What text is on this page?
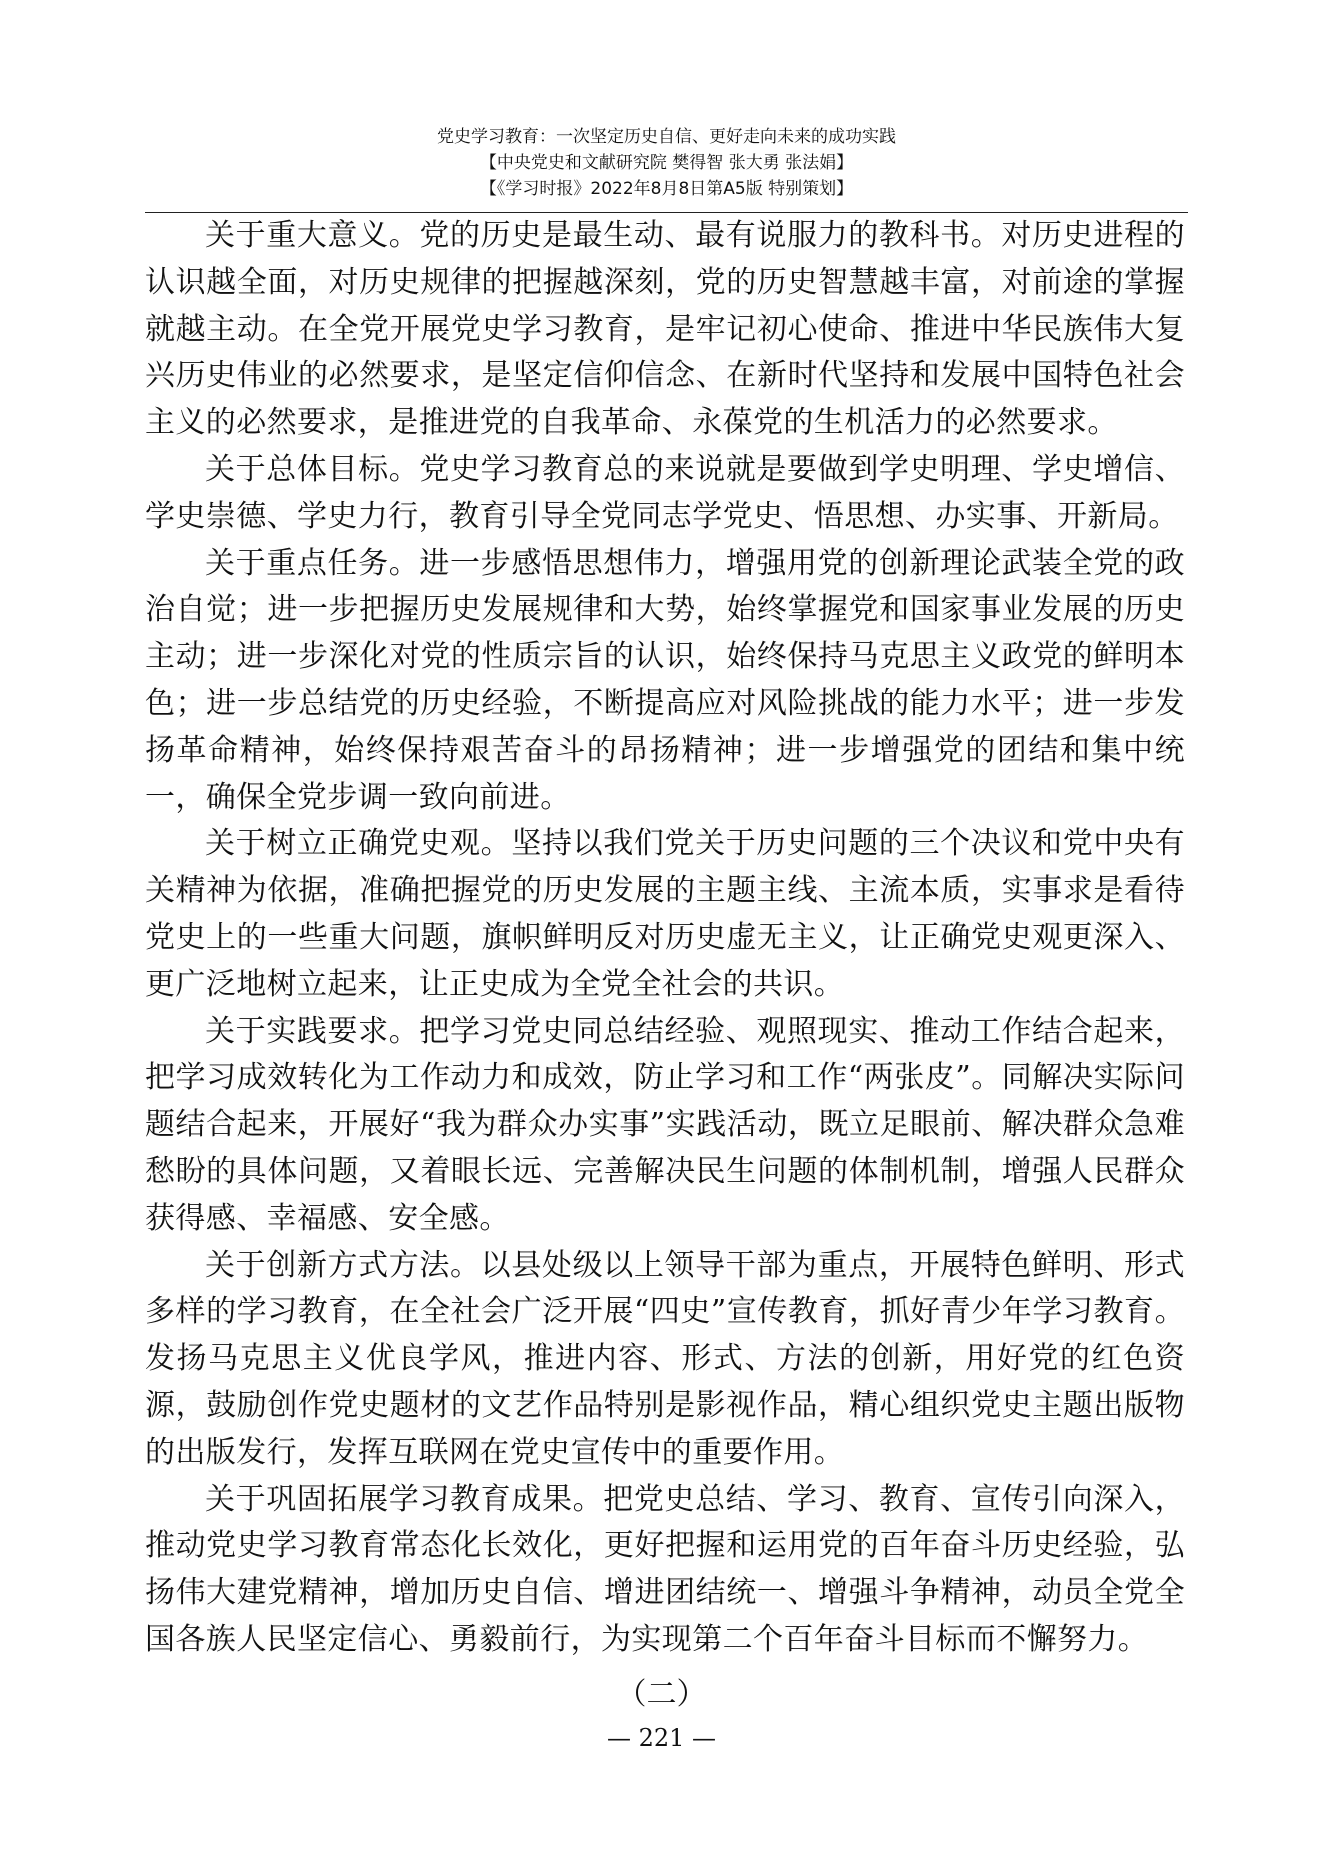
党史学习教育：一次坚定历史自信、更好走向未来的成功实践
【中央党史和文献研究院 樊得智 张大勇 张法娟】
【《学习时报》2022年8月8日第A5版 特别策划】

关于重大意义。党的历史是最生动、最有说服力的教科书。对历史进程的认识越全面，对历史规律的把握越深刻，党的历史智慧越丰富，对前途的掌握就越主动。在全党开展党史学习教育，是牢记初心使命、推进中华民族伟大复兴历史伟业的必然要求，是坚定信仰信念、在新时代坚持和发展中国特色社会主义的必然要求，是推进党的自我革命、永葆党的生机活力的必然要求。

关于总体目标。党史学习教育总的来说就是要做到学史明理、学史增信、学史崇德、学史力行，教育引导全党同志学党史、悟思想、办实事、开新局。

关于重点任务。进一步感悟思想伟力，增强用党的创新理论武装全党的政治自觉；进一步把握历史发展规律和大势，始终掌握党和国家事业发展的历史主动；进一步深化对党的性质宗旨的认识，始终保持马克思主义政党的鲜明本色；进一步总结党的历史经验，不断提高应对风险挑战的能力水平；进一步发扬革命精神，始终保持艰苦奋斗的昂扬精神；进一步增强党的团结和集中统一，确保全党步调一致向前进。

关于树立正确党史观。坚持以我们党关于历史问题的三个决议和党中央有关精神为依据，准确把握党的历史发展的主题主线、主流本质，实事求是看待党史上的一些重大问题，旗帜鲜明反对历史虚无主义，让正确党史观更深入、更广泛地树立起来，让正史成为全党全社会的共识。

关于实践要求。把学习党史同总结经验、观照现实、推动工作结合起来，把学习成效转化为工作动力和成效，防止学习和工作“两张皮”。同解决实际问题结合起来，开展好“我为群众办实事”实践活动，既立足眼前、解决群众急难愁盼的具体问题，又着眼长远、完善解决民生问题的体制机制，增强人民群众获得感、幸福感、安全感。

关于创新方式方法。以县处级以上领导干部为重点，开展特色鲜明、形式多样的学习教育，在全社会广泛开展“四史”宣传教育，抓好青少年学习教育。发扬马克思主义优良学风，推进内容、形式、方法的创新，用好党的红色资源，鼓励创作党史题材的文艺作品特别是影视作品，精心组织党史主题出版物的出版发行，发挥互联网在党史宣传中的重要作用。

关于巩固拓展学习教育成果。把党史总结、学习、教育、宣传引向深入，推动党史学习教育常态化长效化，更好把握和运用党的百年奋斗历史经验，弘扬伟大建党精神，增加历史自信、增进团结统一、增强斗争精神，动员全党全国各族人民坚定信心、勇毅前行，为实现第二个百年奋斗目标而不懈努力。

（二）
— 221 —
